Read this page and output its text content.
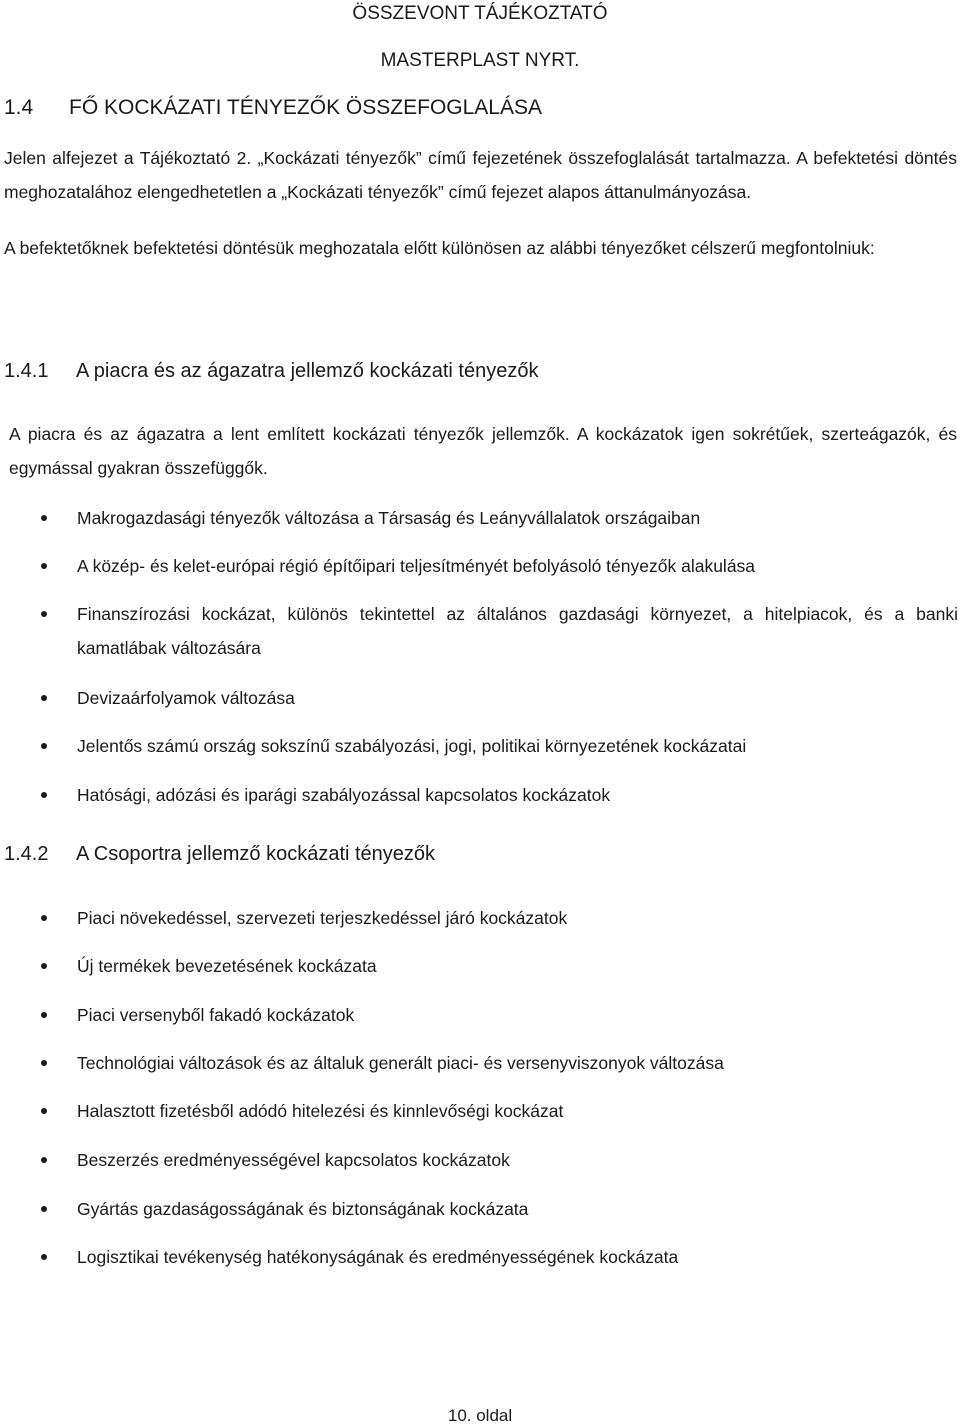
ÖSSZEVONT TÁJÉKOZTATÓ
MASTERPLAST NYRT.
1.4 FŐ KOCKÁZATI TÉNYEZŐK ÖSSZEFOGLALÁSA
Jelen alfejezet a Tájékoztató 2. „Kockázati tényezők” című fejezetének összefoglalását tartalmazza. A befektetési döntés meghozatalához elengedhetetlen a „Kockázati tényezők” című fejezet alapos áttanulmányozása.
A befektetőknek befektetési döntésük meghozatala előtt különösen az alábbi tényezőket célszerű megfontolniuk:
1.4.1 A piacra és az ágazatra jellemző kockázati tényezők
A piacra és az ágazatra a lent említett kockázati tényezők jellemzők. A kockázatok igen sokrétűek, szerteágazók, és egymással gyakran összefüggők.
Makrogazdasági tényezők változása a Társaság és Leányvállalatok országaiban
A közép- és kelet-európai régió építőipari teljesítményét befolyásoló tényezők alakulása
Finanszírozási kockázat, különös tekintettel az általános gazdasági környezet, a hitelpiacok, és a banki kamatlábak változására
Devizaárfolyamok változása
Jelentős számú ország sokszínű szabályozási, jogi, politikai környezetének kockázatai
Hatósági, adózási és iparági szabályozással kapcsolatos kockázatok
1.4.2 A Csoportra jellemző kockázati tényezők
Piaci növekedéssel, szervezeti terjeszkedéssel járó kockázatok
Új termékek bevezetésének kockázata
Piaci versenyből fakadó kockázatok
Technológiai változások és az általuk generált piaci- és versenyviszonyok változása
Halasztott fizetésből adódó hitelezési és kinnlevőségi kockázat
Beszerzés eredményességével kapcsolatos kockázatok
Gyártás gazdaságosságának és biztonságának kockázata
Logisztikai tevékenység hatékonyságának és eredményességének kockázata
10. oldal
